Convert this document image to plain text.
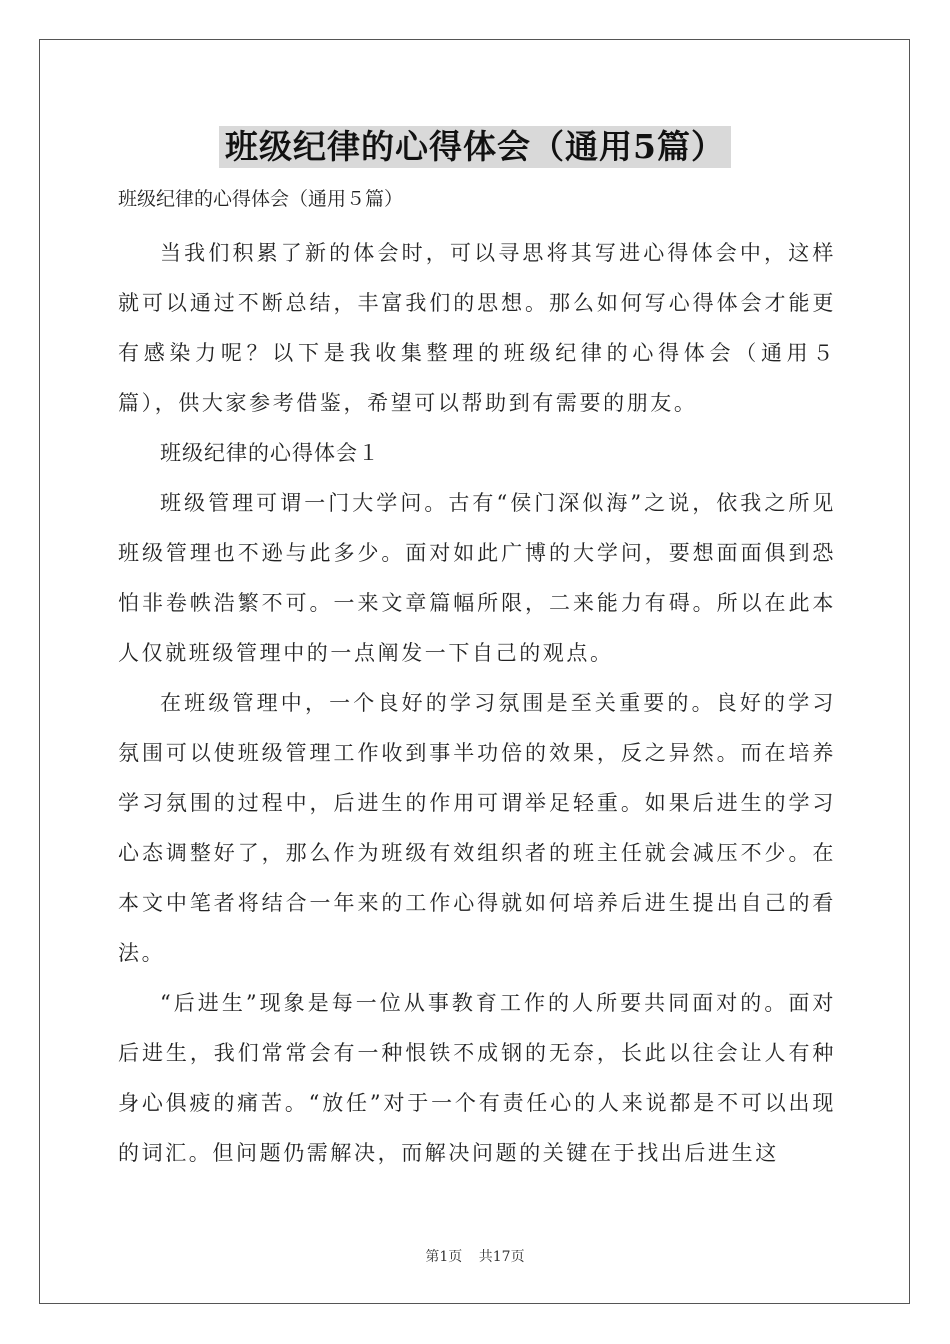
班级纪律的心得体会（通用5篇）
班级纪律的心得体会（通用５篇）

当我们积累了新的体会时，可以寻思将其写进心得体会中，这样就可以通过不断总结，丰富我们的思想。那么如何写心得体会才能更有感染力呢？以下是我收集整理的班级纪律的心得体会（通用５篇），供大家参考借鉴，希望可以帮助到有需要的朋友。

班级纪律的心得体会１

班级管理可谓一门大学问。古有“侯门深似海”之说，依我之所见班级管理也不逊与此多少。面对如此广博的大学问，要想面面俱到恐怕非卷帙浩繁不可。一来文章篇幅所限，二来能力有碍。所以在此本人仅就班级管理中的一点阐发一下自己的观点。

在班级管理中，一个良好的学习氛围是至关重要的。良好的学习氛围可以使班级管理工作收到事半功倍的效果，反之异然。而在培养学习氛围的过程中，后进生的作用可谓举足轻重。如果后进生的学习心态调整好了，那么作为班级有效组织者的班主任就会减压不少。在本文中笔者将结合一年来的工作心得就如何培养后进生提出自己的看法。

“后进生”现象是每一位从事教育工作的人所要共同面对的。面对后进生，我们常常会有一种恨铁不成钢的无奈，长此以往会让人有种身心俱疲的痛苦。“放任”对于一个有责任心的人来说都是不可以出现的词汇。但问题仍需解决，而解决问题的关键在于找出后进生这

第1页 共17页
